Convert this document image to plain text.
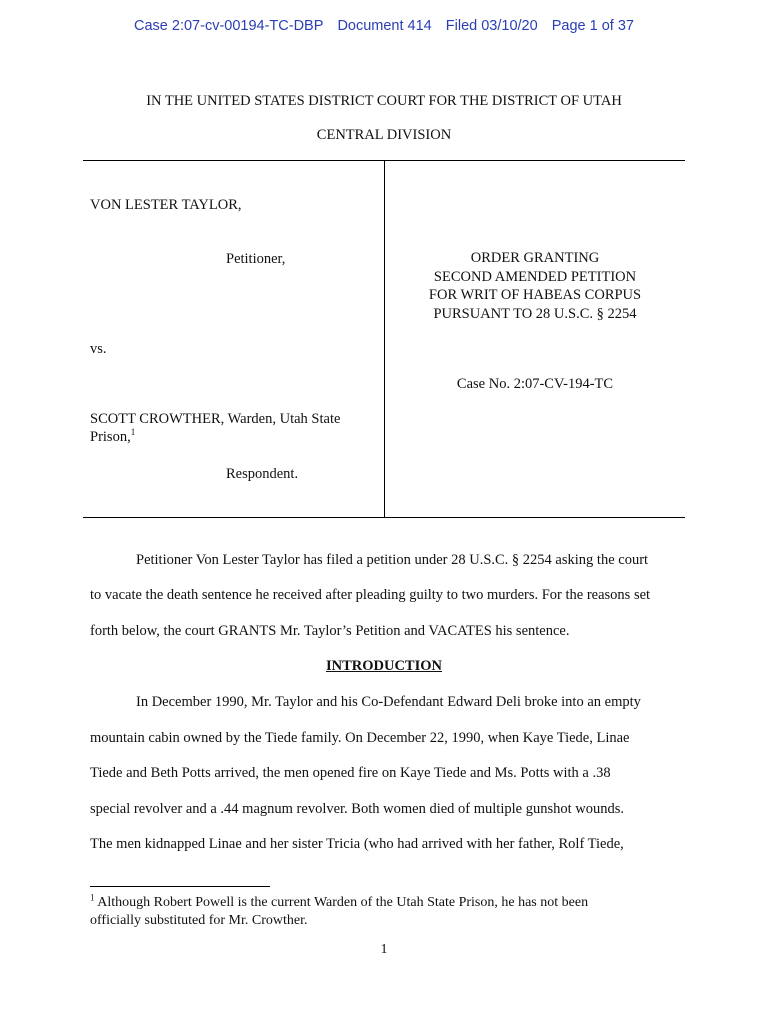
Case 2:07-cv-00194-TC-DBP Document 414 Filed 03/10/20 Page 1 of 37
IN THE UNITED STATES DISTRICT COURT FOR THE DISTRICT OF UTAH
CENTRAL DIVISION
VON LESTER TAYLOR,
Petitioner,
vs.
SCOTT CROWTHER, Warden, Utah State
Prison,$^1$
Respondent.
ORDER GRANTING
SECOND AMENDED PETITION
FOR WRIT OF HABEAS CORPUS
PURSUANT TO 28 U.S.C. § 2254
Case No. 2:07-CV-194-TC
Petitioner Von Lester Taylor has filed a petition under 28 U.S.C. § 2254 asking the court
to vacate the death sentence he received after pleading guilty to two murders. For the reasons set
forth below, the court GRANTS Mr. Taylor’s Petition and VACATES his sentence.
INTRODUCTION
In December 1990, Mr. Taylor and his Co-Defendant Edward Deli broke into an empty
mountain cabin owned by the Tiede family. On December 22, 1990, when Kaye Tiede, Linae
Tiede and Beth Potts arrived, the men opened fire on Kaye Tiede and Ms. Potts with a .38
special revolver and a .44 magnum revolver. Both women died of multiple gunshot wounds.
The men kidnapped Linae and her sister Tricia (who had arrived with her father, Rolf Tiede,
$^1$ Although Robert Powell is the current Warden of the Utah State Prison, he has not been
officially substituted for Mr. Crowther.
1
